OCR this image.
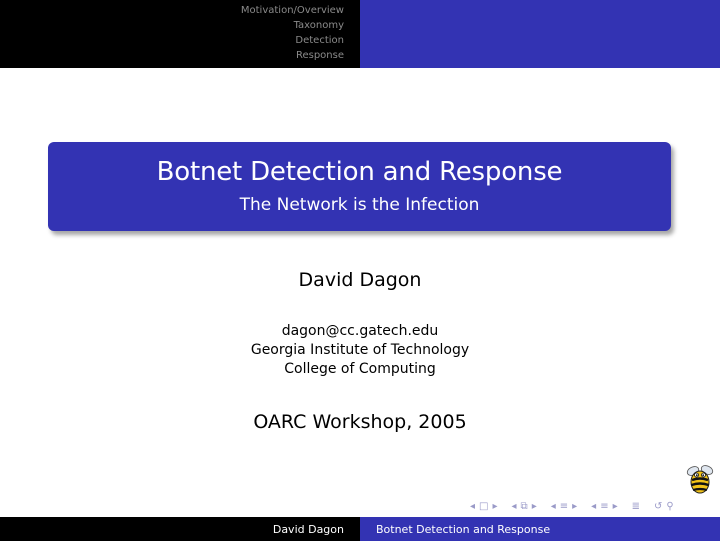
Motivation/Overview
Taxonomy
Detection
Response
Botnet Detection and Response
The Network is the Infection
David Dagon
dagon@cc.gatech.edu
Georgia Institute of Technology
College of Computing
OARC Workshop, 2005
◂ □ ▸ ◂ ⧉ ▸ ◂ ≡ ▸ ◂ ≡ ▸ ≣ ↺ ⚲
David Dagon	Botnet Detection and Response
